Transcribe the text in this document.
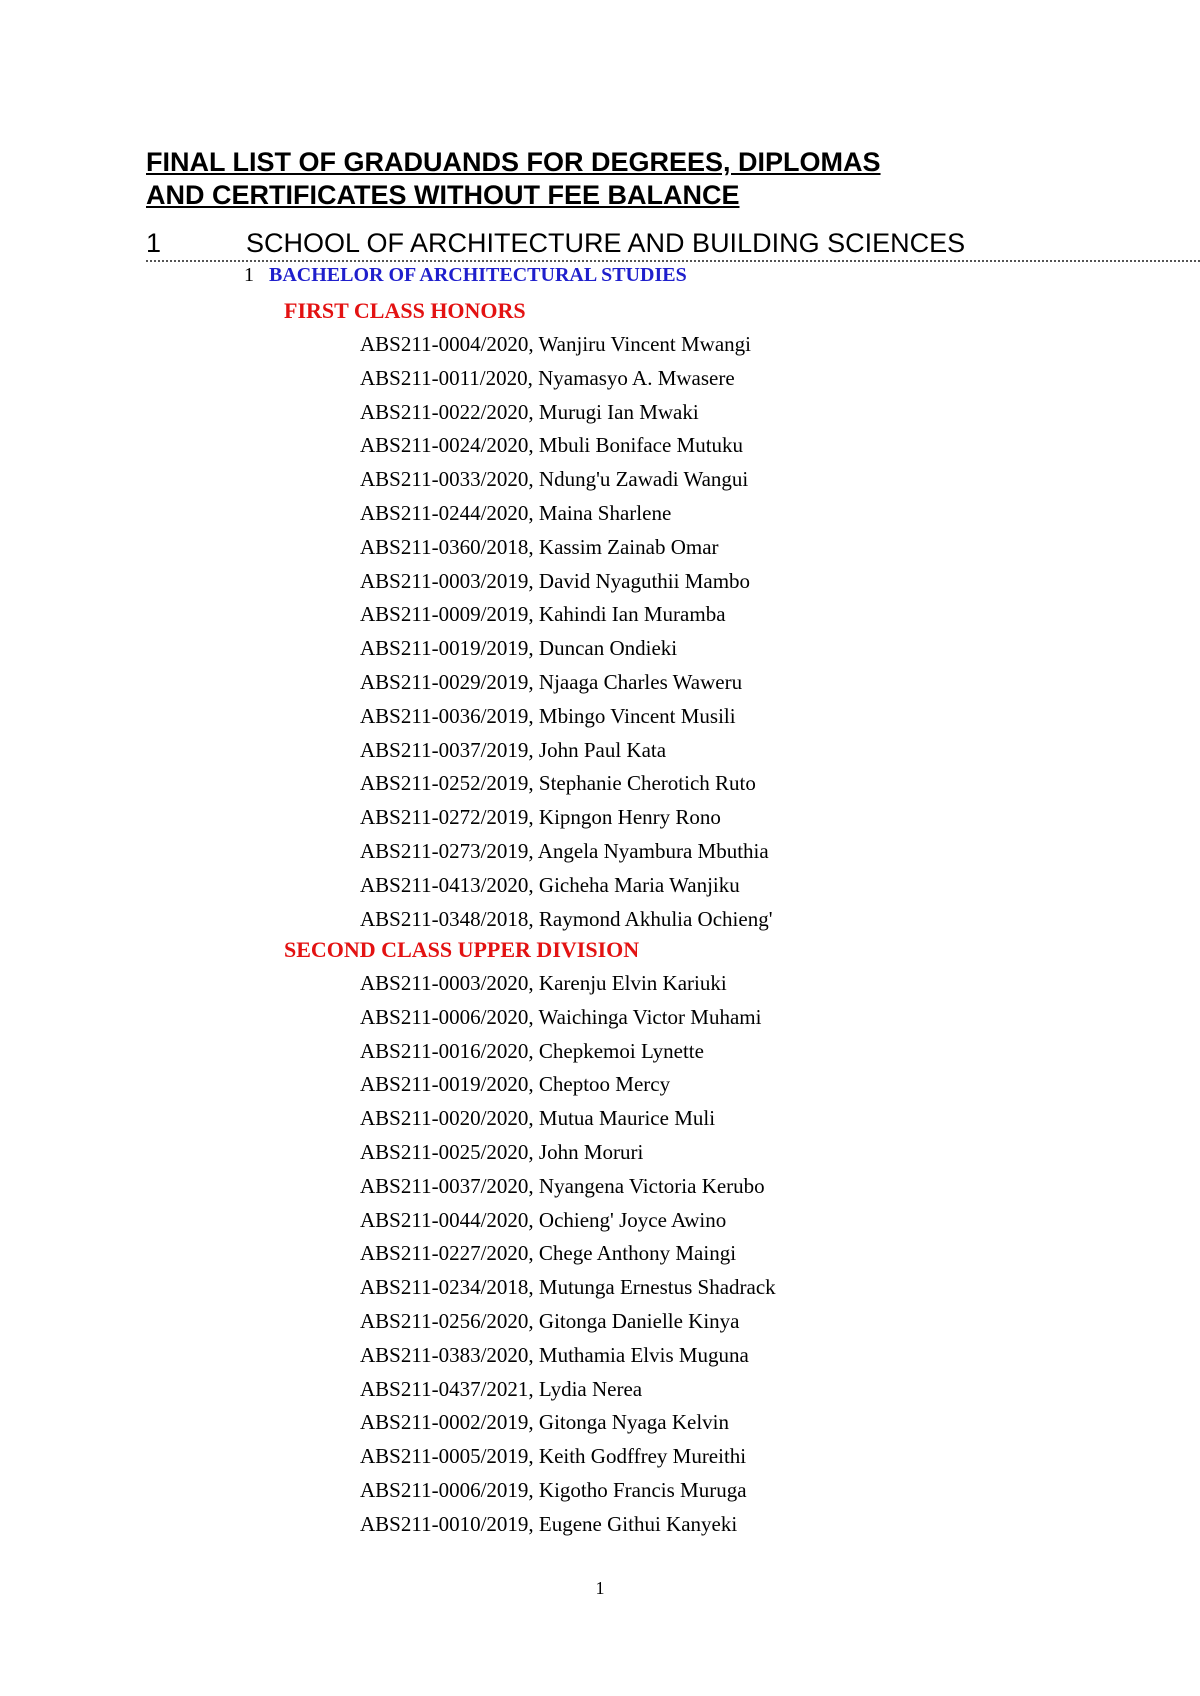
FINAL LIST OF GRADUANDS FOR DEGREES, DIPLOMAS
AND CERTIFICATES WITHOUT FEE BALANCE
1	SCHOOL OF ARCHITECTURE AND BUILDING SCIENCES
1 BACHELOR OF ARCHITECTURAL STUDIES
FIRST CLASS HONORS
ABS211-0004/2020, Wanjiru Vincent Mwangi
ABS211-0011/2020, Nyamasyo A. Mwasere
ABS211-0022/2020, Murugi Ian Mwaki
ABS211-0024/2020, Mbuli Boniface Mutuku
ABS211-0033/2020, Ndung'u Zawadi Wangui
ABS211-0244/2020, Maina Sharlene
ABS211-0360/2018, Kassim Zainab Omar
ABS211-0003/2019, David Nyaguthii Mambo
ABS211-0009/2019, Kahindi Ian Muramba
ABS211-0019/2019, Duncan Ondieki
ABS211-0029/2019, Njaaga Charles Waweru
ABS211-0036/2019, Mbingo Vincent Musili
ABS211-0037/2019, John Paul Kata
ABS211-0252/2019, Stephanie Cherotich Ruto
ABS211-0272/2019, Kipngon Henry Rono
ABS211-0273/2019, Angela Nyambura Mbuthia
ABS211-0413/2020, Gicheha Maria Wanjiku
ABS211-0348/2018, Raymond Akhulia Ochieng'
SECOND CLASS UPPER DIVISION
ABS211-0003/2020, Karenju Elvin Kariuki
ABS211-0006/2020, Waichinga Victor Muhami
ABS211-0016/2020, Chepkemoi Lynette
ABS211-0019/2020, Cheptoo Mercy
ABS211-0020/2020, Mutua Maurice Muli
ABS211-0025/2020, John Moruri
ABS211-0037/2020, Nyangena Victoria Kerubo
ABS211-0044/2020, Ochieng' Joyce Awino
ABS211-0227/2020, Chege Anthony Maingi
ABS211-0234/2018, Mutunga Ernestus Shadrack
ABS211-0256/2020, Gitonga Danielle Kinya
ABS211-0383/2020, Muthamia Elvis Muguna
ABS211-0437/2021, Lydia Nerea
ABS211-0002/2019, Gitonga Nyaga Kelvin
ABS211-0005/2019, Keith Godffrey Mureithi
ABS211-0006/2019, Kigotho Francis Muruga
ABS211-0010/2019, Eugene Githui Kanyeki
1
